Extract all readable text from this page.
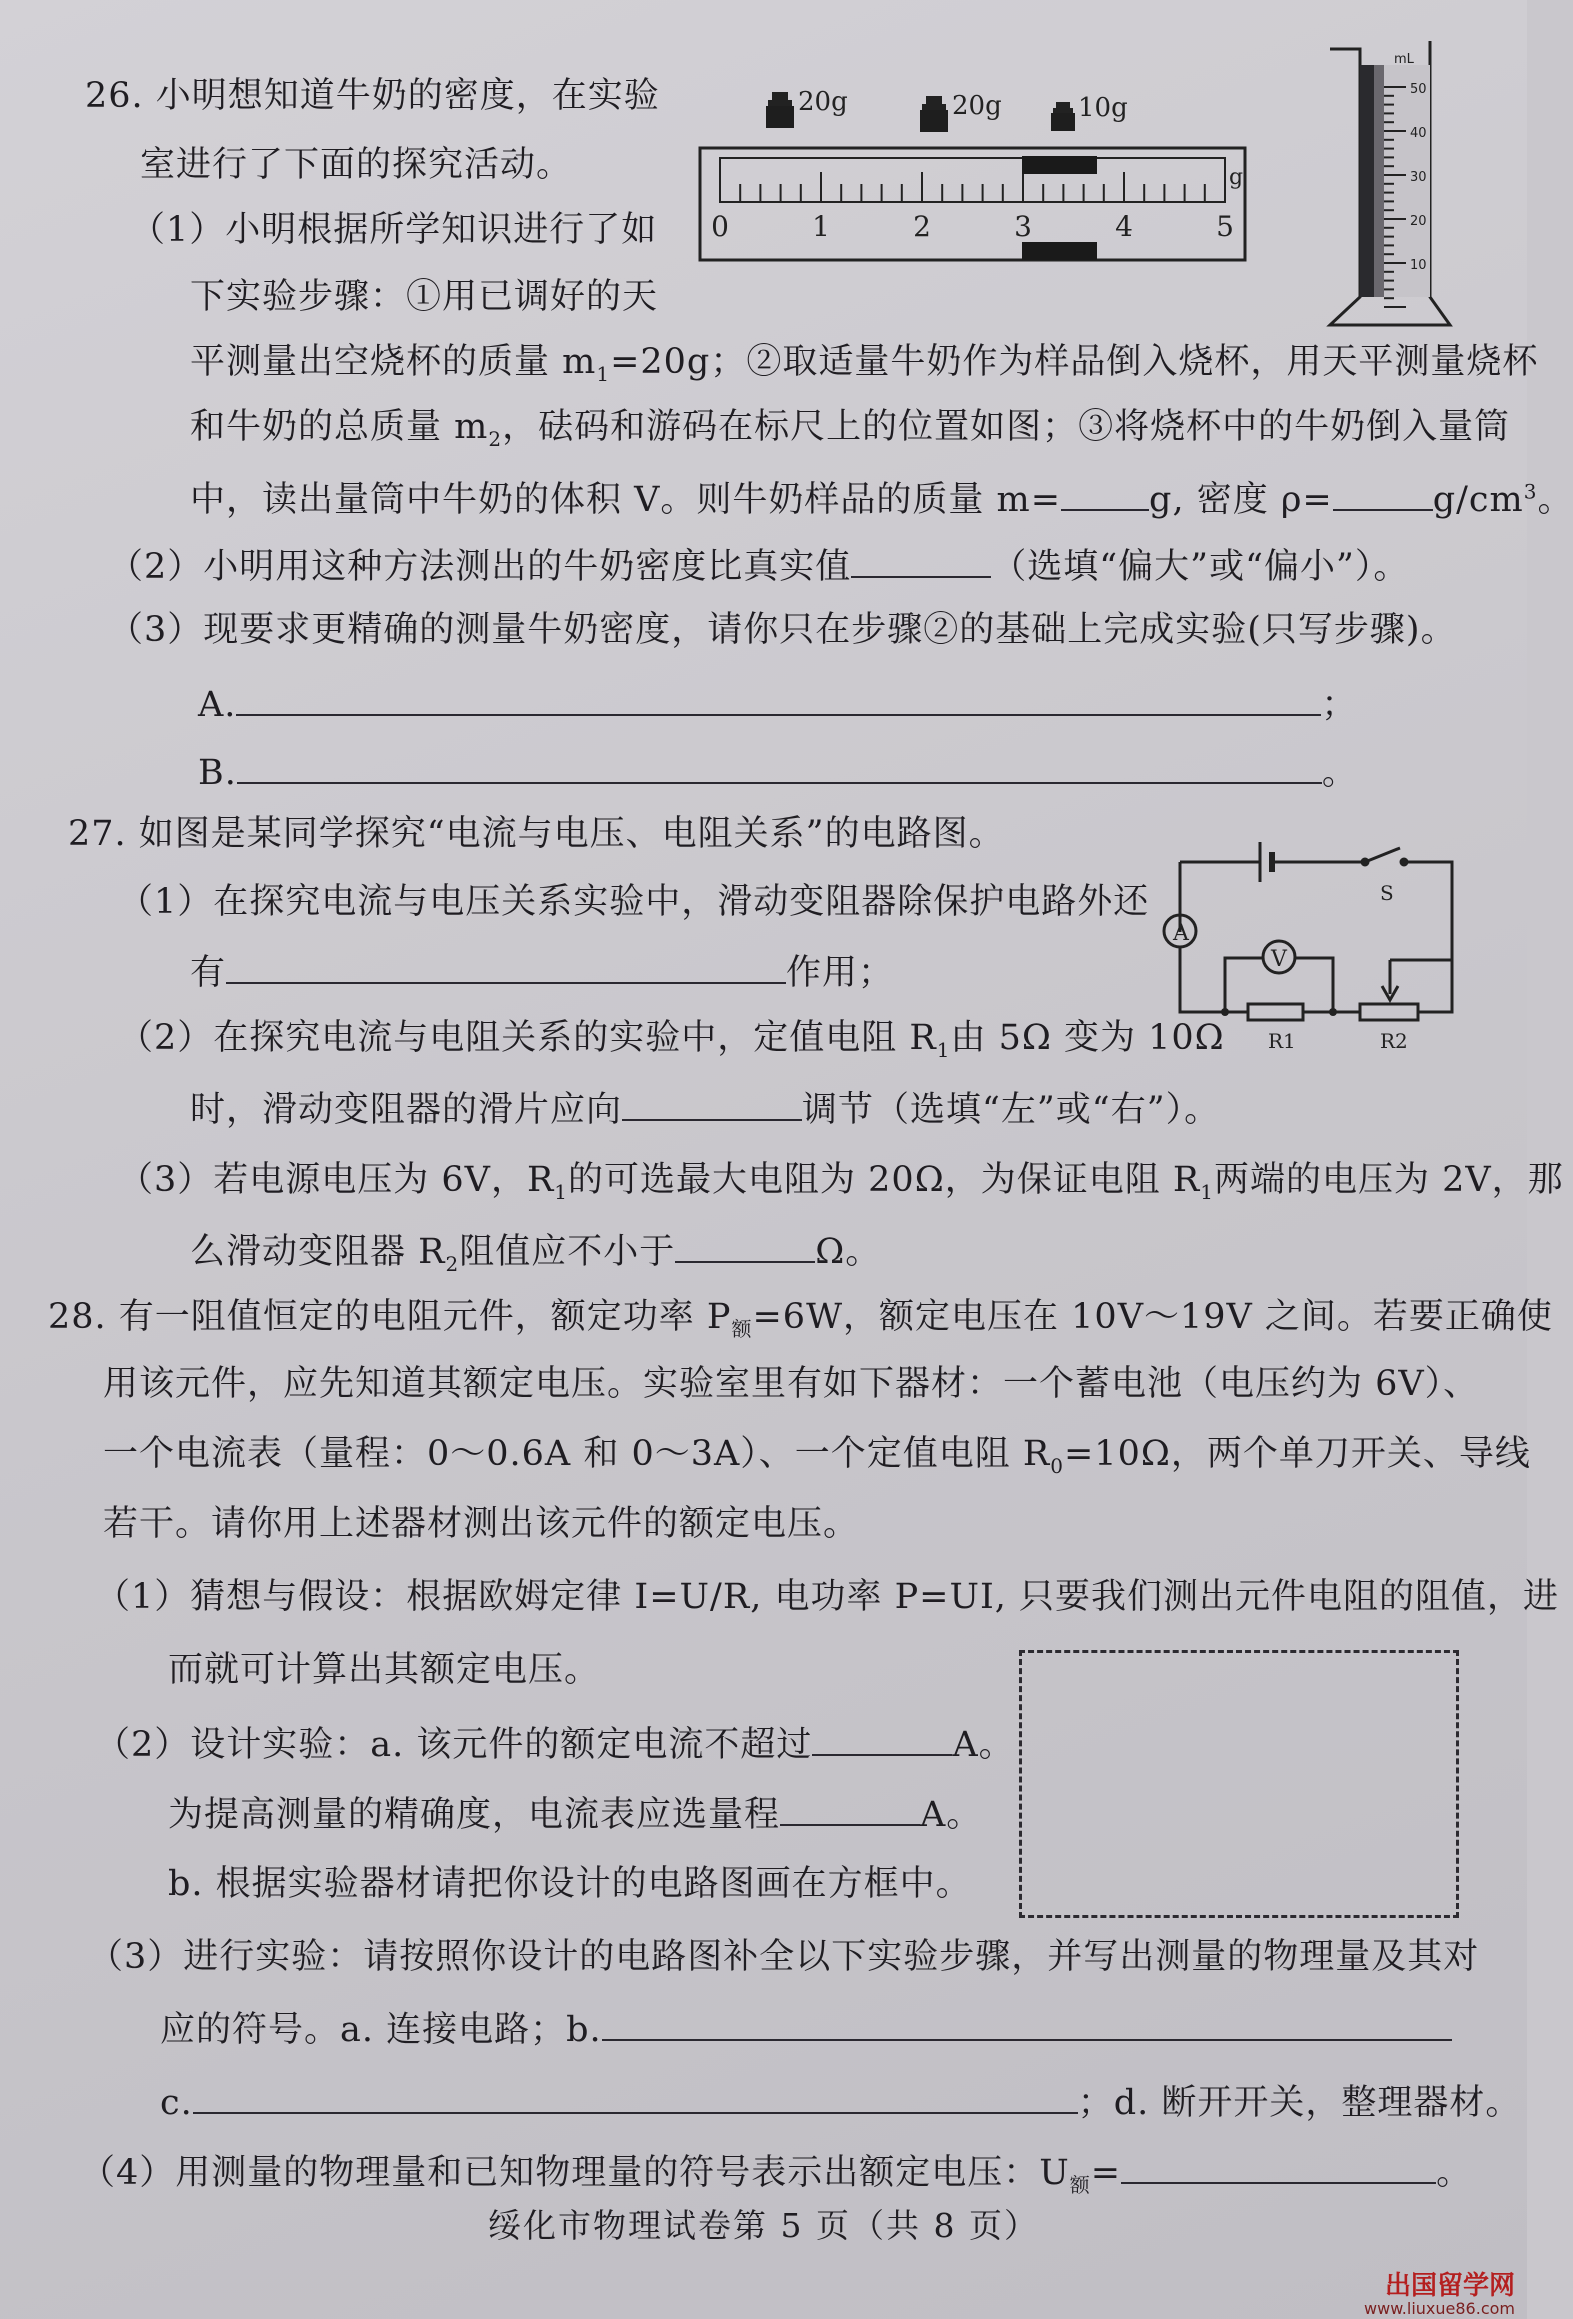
26. 小明想知道牛奶的密度，在实验
室进行了下面的探究活动。
（1）小明根据所学知识进行了如
下实验步骤：①用已调好的天
平测量出空烧杯的质量 $m_1=20g$；②取适量牛奶作为样品倒入烧杯，用天平测量烧杯
和牛奶的总质量 $m_2$，砝码和游码在标尺上的位置如图；③将烧杯中的牛奶倒入量筒
中，读出量筒中牛奶的体积 V。则牛奶样品的质量 m=	g, 密度 ρ=	$g/cm^3$。
（2）小明用这种方法测出的牛奶密度比真实值	（选填“偏大”或“偏小”）。
（3）现要求更精确的测量牛奶密度，请你只在步骤②的基础上完成实验(只写步骤)。
A.	；
B.	。
20g	20g	10g
0	1	2	3	4	5
g
mL
50
40
30
20
10
27. 如图是某同学探究“电流与电压、电阻关系”的电路图。
（1）在探究电流与电压关系实验中，滑动变阻器除保护电路外还
有	作用；
（2）在探究电流与电阻关系的实验中，定值电阻 $R_1$由 5Ω 变为 10Ω
时，滑动变阻器的滑片应向	调节（选填“左”或“右”）。
（3）若电源电压为 6V，$R_1$的可选最大电阻为 20Ω，为保证电阻 $R_1$两端的电压为 2V，那
么滑动变阻器 $R_2$阻值应不小于	Ω。
A
V
S
R1	R2
28. 有一阻值恒定的电阻元件，额定功率 $P_额=6W$，额定电压在 10V～19V 之间。若要正确使
用该元件，应先知道其额定电压。实验室里有如下器材：一个蓄电池（电压约为 6V）、
一个电流表（量程：0～0.6A 和 0～3A）、一个定值电阻 $R_0=10\Omega$，两个单刀开关、导线
若干。请你用上述器材测出该元件的额定电压。
（1）猜想与假设：根据欧姆定律 I=U/R, 电功率 P=UI, 只要我们测出元件电阻的阻值，进
而就可计算出其额定电压。
（2）设计实验：a. 该元件的额定电流不超过	A。
为提高测量的精确度，电流表应选量程	A。
b. 根据实验器材请把你设计的电路图画在方框中。
（3）进行实验：请按照你设计的电路图补全以下实验步骤，并写出测量的物理量及其对
应的符号。a. 连接电路；b.
c.	；d. 断开开关，整理器材。
（4）用测量的物理量和已知物理量的符号表示出额定电压：$U_额=$	。
绥化市物理试卷第 5 页（共 8 页）
出国留学网
www.liuxue86.com
